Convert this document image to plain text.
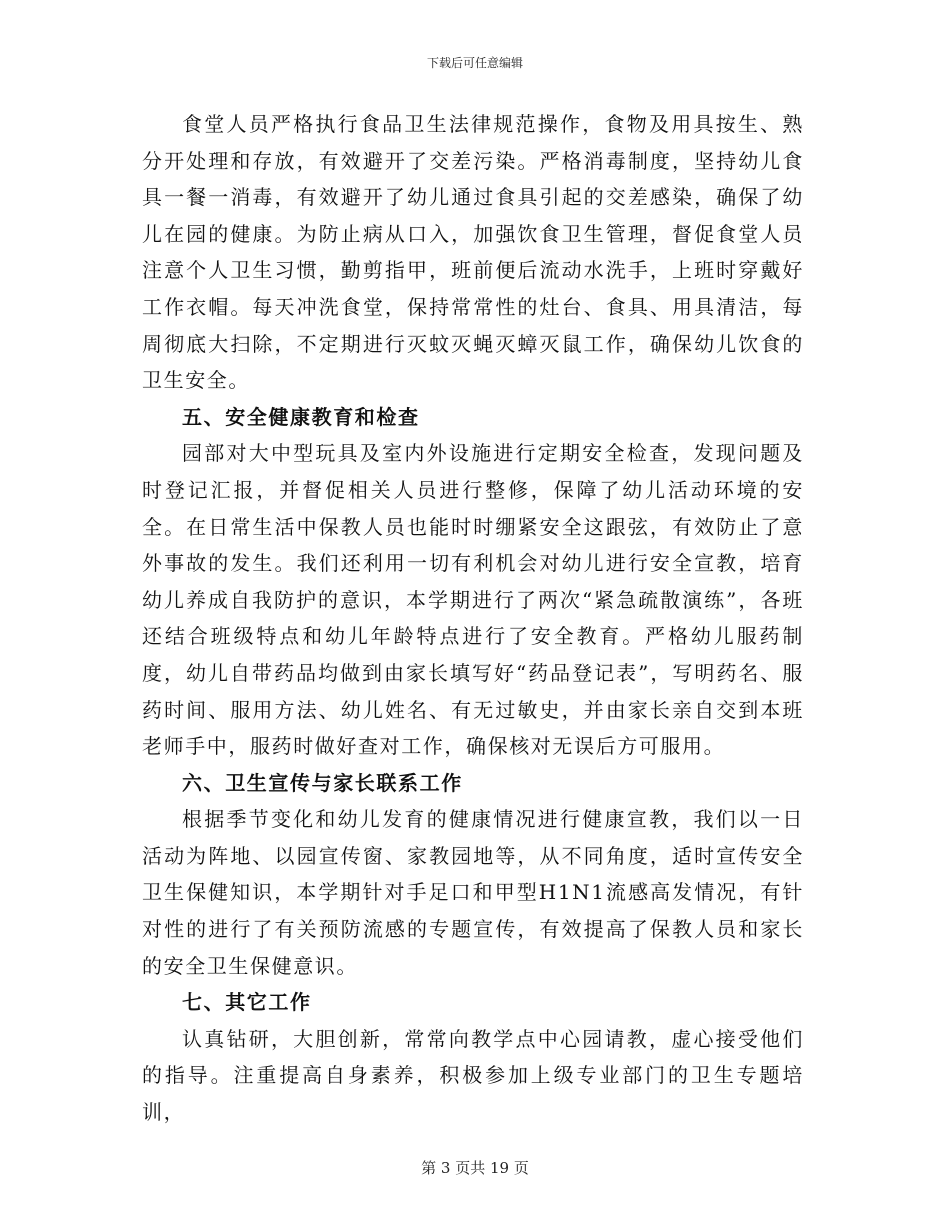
下载后可任意编辑

食堂人员严格执行食品卫生法律规范操作，食物及用具按生、熟分开处理和存放，有效避开了交差污染。严格消毒制度，坚持幼儿食具一餐一消毒，有效避开了幼儿通过食具引起的交差感染，确保了幼儿在园的健康。为防止病从口入，加强饮食卫生管理，督促食堂人员注意个人卫生习惯，勤剪指甲，班前便后流动水洗手，上班时穿戴好工作衣帽。每天冲洗食堂，保持常常性的灶台、食具、用具清洁，每周彻底大扫除，不定期进行灭蚊灭蝇灭蟑灭鼠工作，确保幼儿饮食的卫生安全。

五、安全健康教育和检查

园部对大中型玩具及室内外设施进行定期安全检查，发现问题及时登记汇报，并督促相关人员进行整修，保障了幼儿活动环境的安全。在日常生活中保教人员也能时时绷紧安全这跟弦，有效防止了意外事故的发生。我们还利用一切有利机会对幼儿进行安全宣教，培育幼儿养成自我防护的意识，本学期进行了两次“紧急疏散演练”，各班还结合班级特点和幼儿年龄特点进行了安全教育。严格幼儿服药制度，幼儿自带药品均做到由家长填写好“药品登记表”，写明药名、服药时间、服用方法、幼儿姓名、有无过敏史，并由家长亲自交到本班老师手中，服药时做好查对工作，确保核对无误后方可服用。

六、卫生宣传与家长联系工作

根据季节变化和幼儿发育的健康情况进行健康宣教，我们以一日活动为阵地、以园宣传窗、家教园地等，从不同角度，适时宣传安全卫生保健知识，本学期针对手足口和甲型H1N1流感高发情况，有针对性的进行了有关预防流感的专题宣传，有效提高了保教人员和家长的安全卫生保健意识。

七、其它工作

认真钻研，大胆创新，常常向教学点中心园请教，虚心接受他们的指导。注重提高自身素养，积极参加上级专业部门的卫生专题培训，

第 3 页共 19 页
